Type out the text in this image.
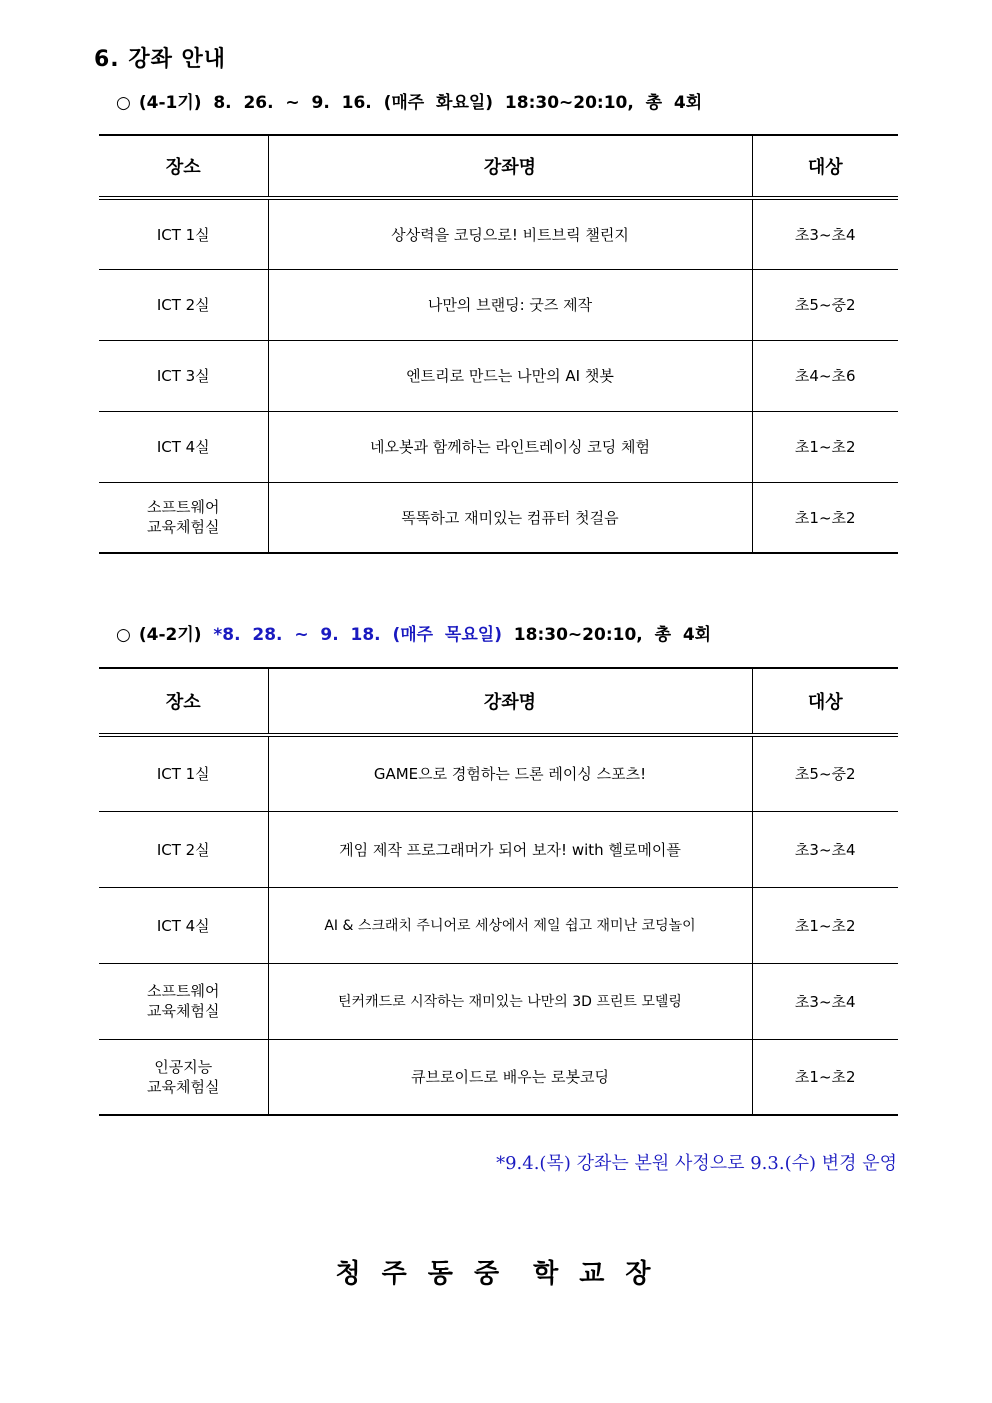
6. 강좌 안내
○ (4-1기)  8.  26.  ~  9.  16.  (매주  화요일)  18:30~20:10,  총  4회
장소	강좌명	대상
ICT 1실	상상력을 코딩으로! 비트브릭 챌린지	초3~초4
ICT 2실	나만의 브랜딩: 굿즈 제작	초5~중2
ICT 3실	엔트리로 만드는 나만의 AI 챗봇	초4~초6
ICT 4실	네오봇과 함께하는 라인트레이싱 코딩 체험	초1~초2
소프트웨어
교육체험실	똑똑하고 재미있는 컴퓨터 첫걸음	초1~초2
○ (4-2기)  *8.  28.  ~  9.  18.  (매주  목요일)  18:30~20:10,  총  4회
장소	강좌명	대상
ICT 1실	GAME으로 경험하는 드론 레이싱 스포츠!	초5~중2
ICT 2실	게임 제작 프로그래머가 되어 보자! with 헬로메이플	초3~초4
ICT 4실	AI & 스크래치 주니어로 세상에서 제일 쉽고 재미난 코딩놀이	초1~초2
소프트웨어
교육체험실	틴커캐드로 시작하는 재미있는 나만의 3D 프린트 모델링	초3~초4
인공지능
교육체험실	큐브로이드로 배우는 로봇코딩	초1~초2
*9.4.(목) 강좌는 본원 사정으로 9.3.(수) 변경 운영
청 주 동 중 학 교 장
